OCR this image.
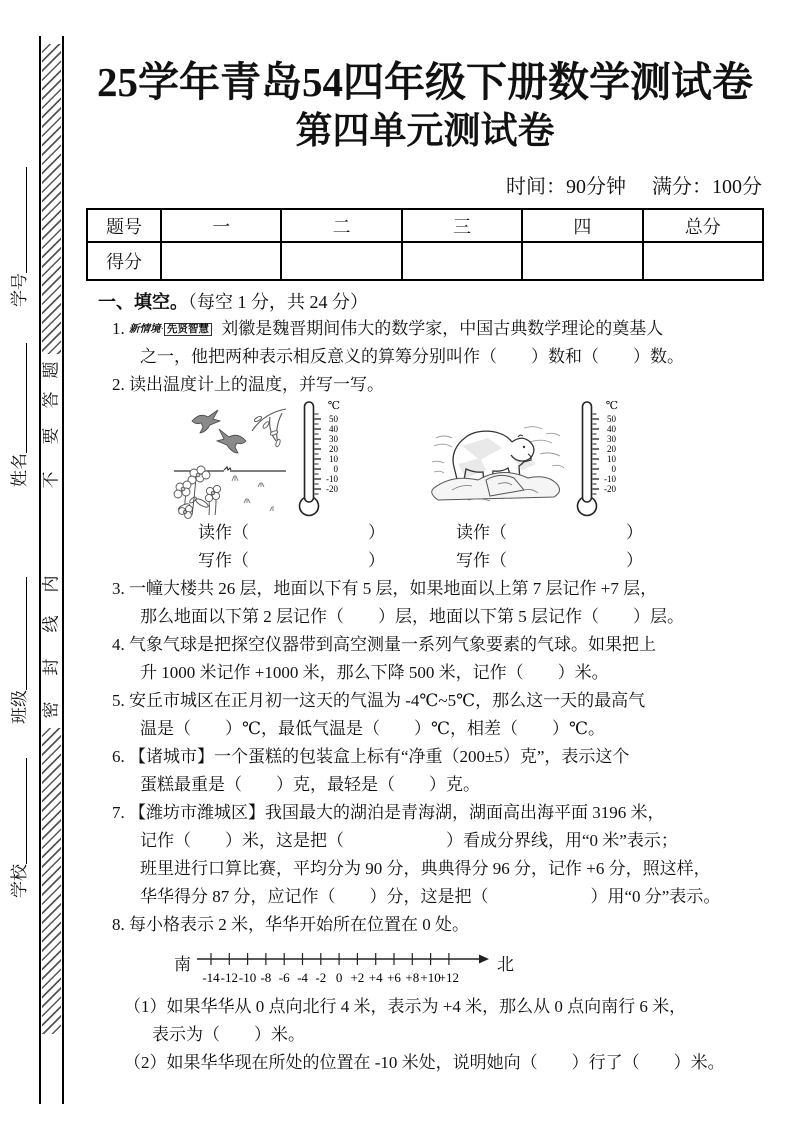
学号
姓名
班级
学校
题
答
要
不
内
线
封
密
25学年青岛54四年级下册数学测试卷
第四单元测试卷
时间：90分钟 满分：100分
题号	一	二	三	四	总分
得分					
一、填空。（每空 1 分，共 24 分）
1. 新情境· 先贤智慧 刘徽是魏晋期间伟大的数学家，中国古典数学理论的奠基人
之一，他把两种表示相反意义的算筹分别叫作（　　）数和（　　）数。
2. 读出温度计上的温度，并写一写。
℃
50
40
30
20
10
0
-10
-20
℃
50
40
30
20
10
0
-10
-20
读作（　　　　　　　）	读作（　　　　　　　）
写作（　　　　　　　）	写作（　　　　　　　）
3. 一幢大楼共 26 层，地面以下有 5 层，如果地面以上第 7 层记作 +7 层，
那么地面以下第 2 层记作（　　）层，地面以下第 5 层记作（　　）层。
4. 气象气球是把探空仪器带到高空测量一系列气象要素的气球。如果把上
升 1000 米记作 +1000 米，那么下降 500 米，记作（　　）米。
5. 安丘市城区在正月初一这天的气温为 -4℃~5℃，那么这一天的最高气
温是（　　）℃，最低气温是（　　）℃，相差（　　）℃。
6. 【诸城市】一个蛋糕的包装盒上标有“净重（200±5）克”，表示这个
蛋糕最重是（　　）克，最轻是（　　）克。
7. 【潍坊市潍城区】我国最大的湖泊是青海湖，湖面高出海平面 3196 米，
记作（　　）米，这是把（　　　　　　）看成分界线，用“0 米”表示；
班里进行口算比赛，平均分为 90 分，典典得分 96 分，记作 +6 分，照这样，
华华得分 87 分，应记作（　　）分，这是把（　　　　　　）用“0 分”表示。
8. 每小格表示 2 米，华华开始所在位置在 0 处。
南
-14 -12 -10 -8 -6 -4 -2 0 +2 +4 +6 +8 +10
+12
北
（1）如果华华从 0 点向北行 4 米，表示为 +4 米，那么从 0 点向南行 6 米，
表示为（　　）米。
（2）如果华华现在所处的位置在 -10 米处，说明她向（　　）行了（　　）米。
